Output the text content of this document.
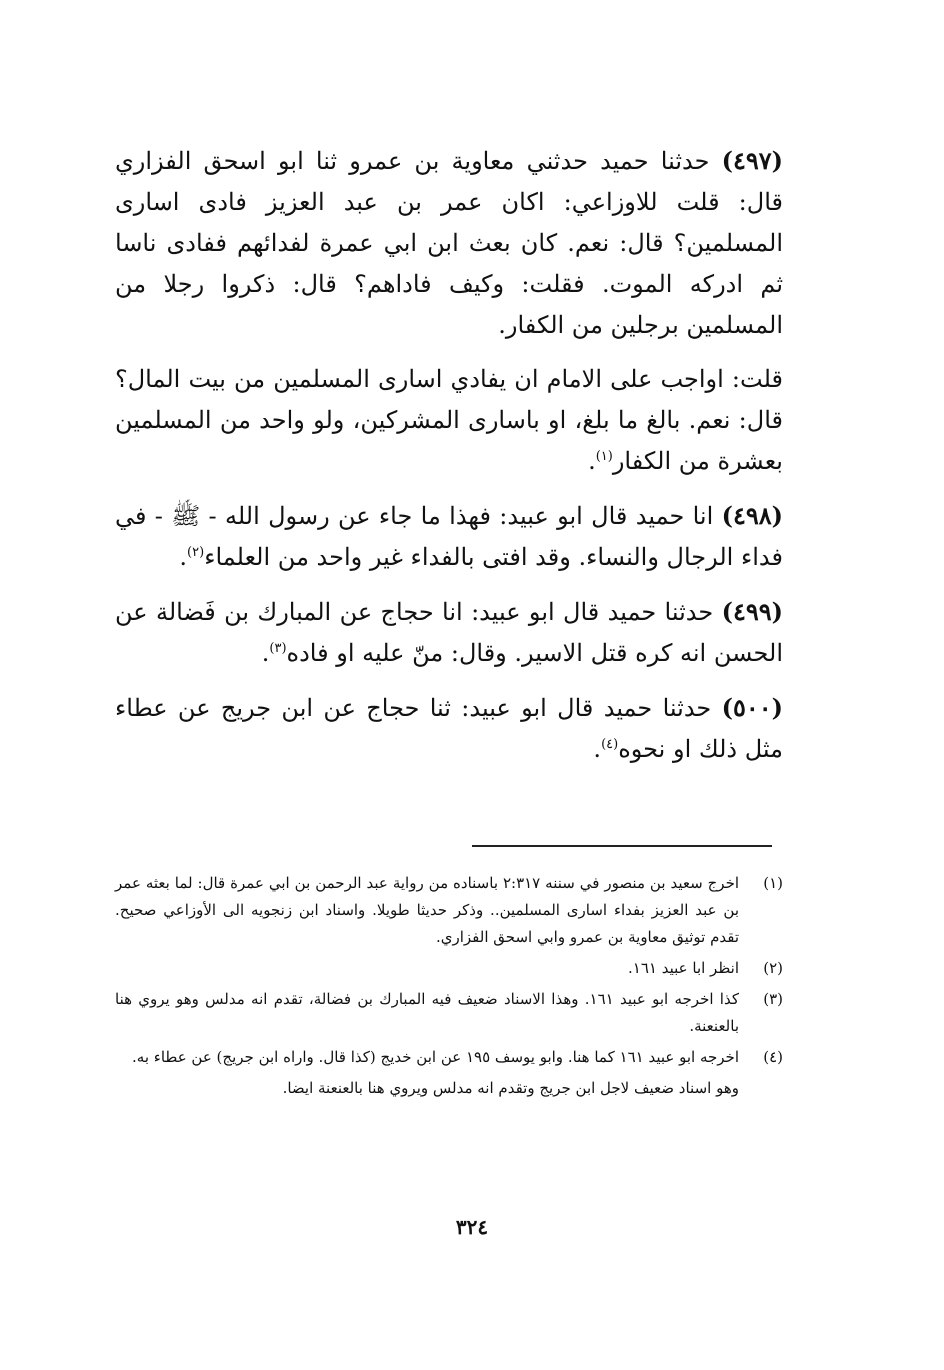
(٤٩٧) حدثنا حميد حدثني معاوية بن عمرو ثنا ابو اسحق الفزاري قال: قلت للاوزاعي: اكان عمر بن عبد العزيز فادى اسارى المسلمين؟ قال: نعم. كان بعث ابن ابي عمرة لفدائهم ففادى ناسا ثم ادركه الموت. فقلت: وكيف فاداهم؟ قال: ذكروا رجلا من المسلمين برجلين من الكفار.

قلت: اواجب على الامام ان يفادي اسارى المسلمين من بيت المال؟ قال: نعم. بالغ ما بلغ، او باسارى المشركين، ولو واحد من المسلمين بعشرة من الكفار$^{(١)}$.

(٤٩٨) انا حميد قال ابو عبيد: فهذا ما جاء عن رسول الله - ﷺ - في فداء الرجال والنساء. وقد افتى بالفداء غير واحد من العلماء$^{(٢)}$.

(٤٩٩) حدثنا حميد قال ابو عبيد: انا حجاج عن المبارك بن فَضالة عن الحسن انه كره قتل الاسير. وقال: منّ عليه او فاده$^{(٣)}$.

(٥٠٠) حدثنا حميد قال ابو عبيد: ثنا حجاج عن ابن جريج عن عطاء مثل ذلك او نحوه$^{(٤)}$.

(١)
اخرج سعيد بن منصور في سننه ٢:٣١٧ باسناده من رواية عبد الرحمن بن ابي عمرة قال: لما بعثه عمر بن عبد العزيز بفداء اسارى المسلمين.. وذكر حديثا طويلا. واسناد ابن زنجويه الى الأوزاعي صحيح. تقدم توثيق معاوية بن عمرو وابي اسحق الفزاري.
(٢)
انظر ابا عبيد ١٦١.
(٣)
كذا اخرجه ابو عبيد ١٦١. وهذا الاسناد ضعيف فيه المبارك بن فضالة، تقدم انه مدلس وهو يروي هنا بالعنعنة.
(٤)
اخرجه ابو عبيد ١٦١ كما هنا. وابو يوسف ١٩٥ عن ابن خديج (كذا قال. واراه ابن جريج) عن عطاء به.
وهو اسناد ضعيف لاجل ابن جريج وتقدم انه مدلس ويروي هنا بالعنعنة ايضا.
٣٢٤
